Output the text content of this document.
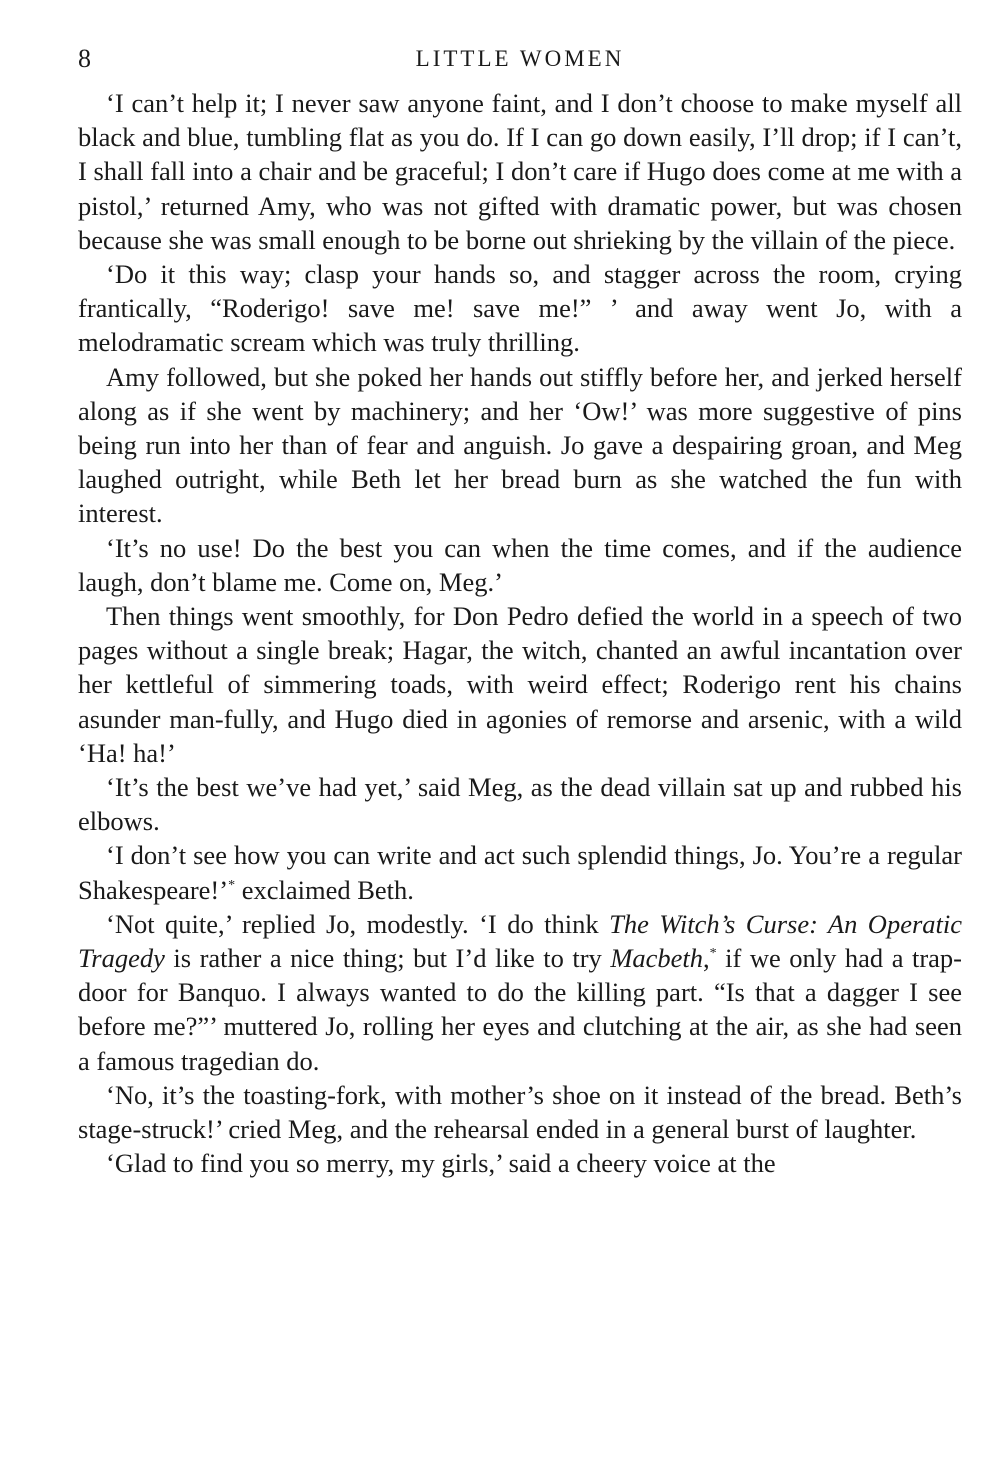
8	LITTLE WOMEN

‘I can’t help it; I never saw anyone faint, and I don’t choose to make myself all black and blue, tumbling flat as you do. If I can go down easily, I’ll drop; if I can’t, I shall fall into a chair and be graceful; I don’t care if Hugo does come at me with a pistol,’ returned Amy, who was not gifted with dramatic power, but was chosen because she was small enough to be borne out shrieking by the villain of the piece.

‘Do it this way; clasp your hands so, and stagger across the room, crying frantically, “Roderigo! save me! save me!” ’ and away went Jo, with a melodramatic scream which was truly thrilling.

Amy followed, but she poked her hands out stiffly before her, and jerked herself along as if she went by machinery; and her ‘Ow!’ was more suggestive of pins being run into her than of fear and anguish. Jo gave a despairing groan, and Meg laughed outright, while Beth let her bread burn as she watched the fun with interest.

‘It’s no use! Do the best you can when the time comes, and if the audience laugh, don’t blame me. Come on, Meg.’

Then things went smoothly, for Don Pedro defied the world in a speech of two pages without a single break; Hagar, the witch, chanted an awful incantation over her kettleful of simmering toads, with weird effect; Roderigo rent his chains asunder man-fully, and Hugo died in agonies of remorse and arsenic, with a wild ‘Ha! ha!’

‘It’s the best we’ve had yet,’ said Meg, as the dead villain sat up and rubbed his elbows.

‘I don’t see how you can write and act such splendid things, Jo. You’re a regular Shakespeare!’* exclaimed Beth.

‘Not quite,’ replied Jo, modestly. ‘I do think The Witch’s Curse: An Operatic Tragedy is rather a nice thing; but I’d like to try Macbeth,* if we only had a trap-door for Banquo. I always wanted to do the killing part. “Is that a dagger I see before me?”’ muttered Jo, rolling her eyes and clutching at the air, as she had seen a famous tragedian do.

‘No, it’s the toasting-fork, with mother’s shoe on it instead of the bread. Beth’s stage-struck!’ cried Meg, and the rehearsal ended in a general burst of laughter.

‘Glad to find you so merry, my girls,’ said a cheery voice at the
